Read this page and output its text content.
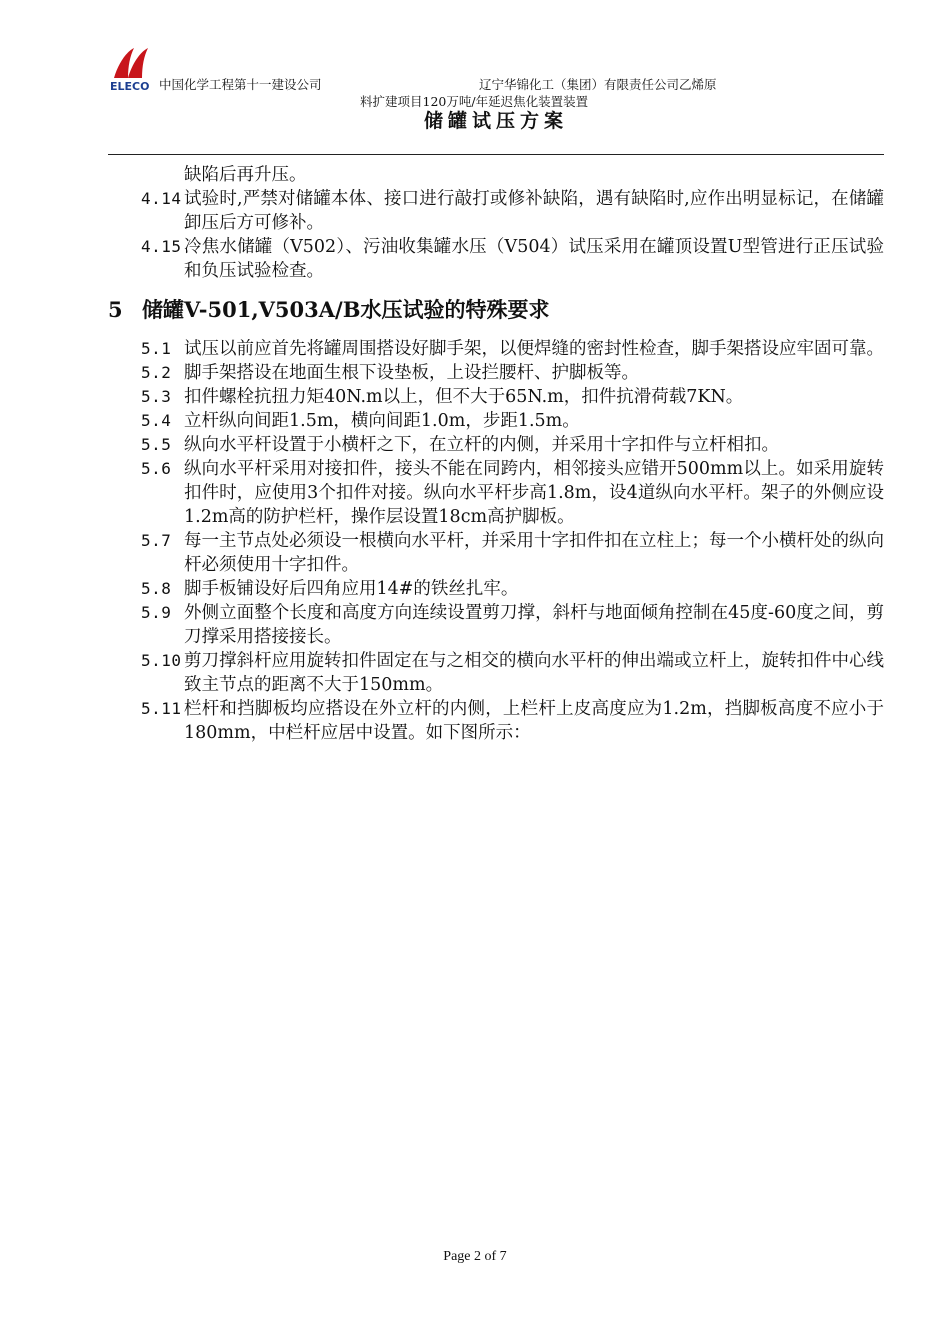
ELECO 中国化学工程第十一建设公司	辽宁华锦化工（集团）有限责任公司乙烯原
料扩建项目120万吨/年延迟焦化装置装置
储罐试压方案
缺陷后再升压。
4.14 试验时,严禁对储罐本体、接口进行敲打或修补缺陷，遇有缺陷时,应作出明显标记，在储罐卸压后方可修补。
4.15 冷焦水储罐（V502）、污油收集罐水压（V504）试压采用在罐顶设置U型管进行正压试验和负压试验检查。
5 储罐V-501,V503A/B水压试验的特殊要求
5.1 试压以前应首先将罐周围搭设好脚手架，以便焊缝的密封性检查，脚手架搭设应牢固可靠。
5.2 脚手架搭设在地面生根下设垫板，上设拦腰杆、护脚板等。
5.3 扣件螺栓抗扭力矩40N.m以上，但不大于65N.m，扣件抗滑荷载7KN。
5.4 立杆纵向间距1.5m，横向间距1.0m，步距1.5m。
5.5 纵向水平杆设置于小横杆之下，在立杆的内侧，并采用十字扣件与立杆相扣。
5.6 纵向水平杆采用对接扣件，接头不能在同跨内，相邻接头应错开500mm以上。如采用旋转扣件时，应使用3个扣件对接。纵向水平杆步高1.8m，设4道纵向水平杆。架子的外侧应设1.2m高的防护栏杆，操作层设置18cm高护脚板。
5.7 每一主节点处必须设一根横向水平杆，并采用十字扣件扣在立柱上；每一个小横杆处的纵向杆必须使用十字扣件。
5.8 脚手板铺设好后四角应用14#的铁丝扎牢。
5.9 外侧立面整个长度和高度方向连续设置剪刀撑，斜杆与地面倾角控制在45度-60度之间，剪刀撑采用搭接接长。
5.10 剪刀撑斜杆应用旋转扣件固定在与之相交的横向水平杆的伸出端或立杆上，旋转扣件中心线致主节点的距离不大于150mm。
5.11 栏杆和挡脚板均应搭设在外立杆的内侧，上栏杆上皮高度应为1.2m，挡脚板高度不应小于180mm，中栏杆应居中设置。如下图所示：
Page 2 of 7
